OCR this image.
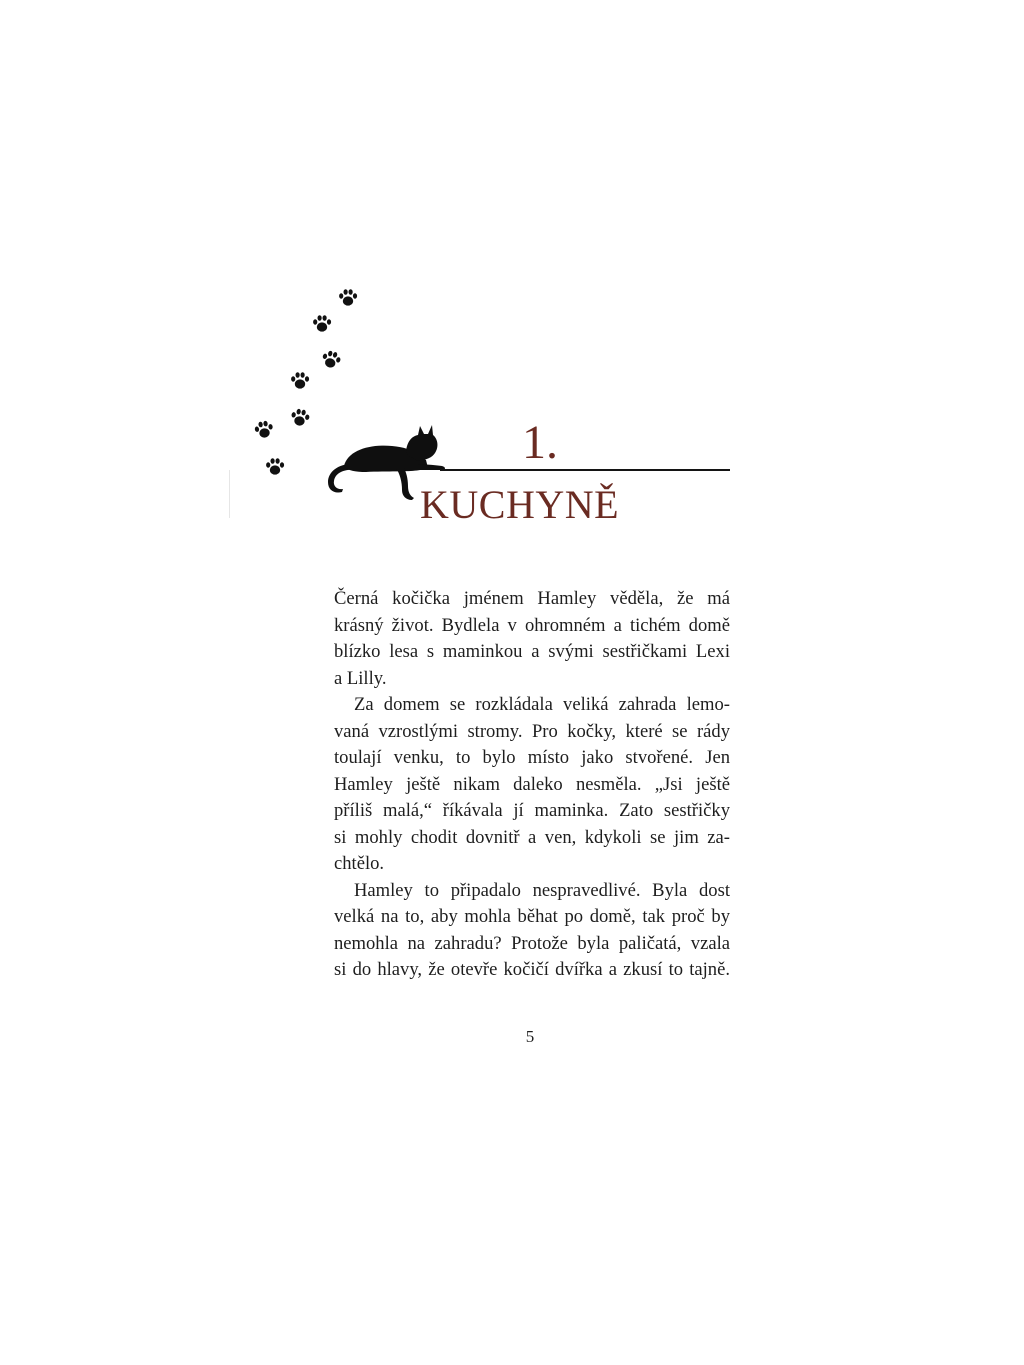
1.
KUCHYNĚ
Černá kočička jménem Hamley věděla, že má
krásný život. Bydlela v ohromném a tichém domě
blízko lesa s maminkou a svými sestřičkami Lexi
a Lilly.
Za domem se rozkládala veliká zahrada lemo-
vaná vzrostlými stromy. Pro kočky, které se rády
toulají venku, to bylo místo jako stvořené. Jen
Hamley ještě nikam daleko nesměla. „Jsi ještě
příliš malá,“ říkávala jí maminka. Zato sestřičky
si mohly chodit dovnitř a ven, kdykoli se jim za-
chtělo.
Hamley to připadalo nespravedlivé. Byla dost
velká na to, aby mohla běhat po domě, tak proč by
nemohla na zahradu? Protože byla paličatá, vzala
si do hlavy, že otevře kočičí dvířka a zkusí to tajně.
5
